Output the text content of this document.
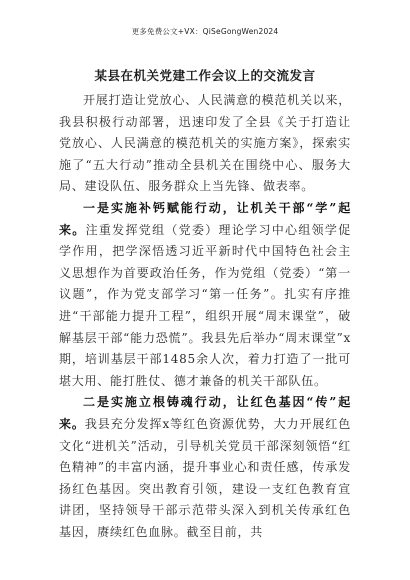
更多免费公文+VX：QiSeGongWen2024
某县在机关党建工作会议上的交流发言

开展打造让党放心、人民满意的模范机关以来，我县积极行动部署，迅速印发了全县《关于打造让党放心、人民满意的模范机关的实施方案》，探索实施了“五大行动”推动全县机关在围绕中心、服务大局、建设队伍、服务群众上当先锋、做表率。

一是实施补钙赋能行动，让机关干部“学”起来。注重发挥党组（党委）理论学习中心组领学促学作用，把学深悟透习近平新时代中国特色社会主义思想作为首要政治任务，作为党组（党委）“第一议题”，作为党支部学习“第一任务”。扎实有序推进“干部能力提升工程”，组织开展“周末课堂”，破解基层干部“能力恐慌”。我县先后举办“周末课堂”x期，培训基层干部1485余人次，着力打造了一批可堪大用、能打胜仗、德才兼备的机关干部队伍。

二是实施立根铸魂行动，让红色基因“传”起来。我县充分发挥x等红色资源优势，大力开展红色文化“进机关”活动，引导机关党员干部深刻领悟“红色精神”的丰富内涵，提升事业心和责任感，传承发扬红色基因。突出教育引领，建设一支红色教育宣讲团，坚持领导干部示范带头深入到机关传承红色基因，赓续红色血脉。截至目前，共
